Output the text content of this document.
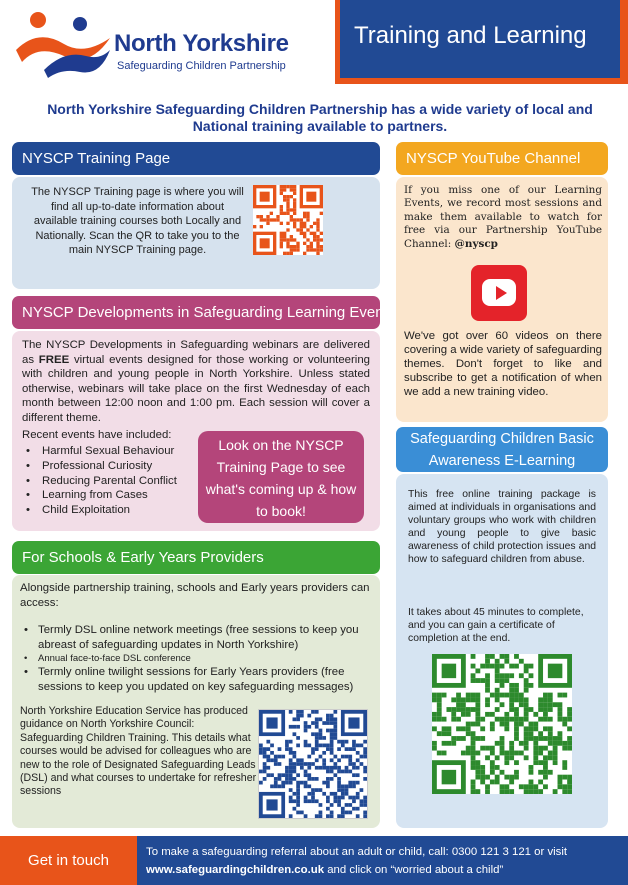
North Yorkshire
Safeguarding Children Partnership
Training and Learning
North Yorkshire Safeguarding Children Partnership has a wide variety of local and National training available to partners.
NYSCP Training Page
The NYSCP Training page is where you will find all up-to-date information about available training courses both Locally and Nationally. Scan the QR to take you to the main NYSCP Training page.
NYSCP Developments in Safeguarding Learning Events
The NYSCP Developments in Safeguarding webinars are delivered as FREE virtual events designed for those working or volunteering with children and young people in North Yorkshire. Unless stated otherwise, webinars will take place on the first Wednesday of each month between 12:00 noon and 1:00 pm. Each session will cover a different theme.
Recent events have included:
• Harmful Sexual Behaviour
• Professional Curiosity
• Reducing Parental Conflict
• Learning from Cases
• Child Exploitation
Look on the NYSCP Training Page to see what's coming up & how to book!
For Schools & Early Years Providers
Alongside partnership training, schools and Early years providers can access:
• Termly DSL online network meetings (free sessions to keep you abreast of safeguarding updates in North Yorkshire)
• Annual face-to-face DSL conference
• Termly online twilight sessions for Early Years providers (free sessions to keep you updated on key safeguarding messages)
North Yorkshire Education Service has produced guidance on North Yorkshire Council: Safeguarding Children Training. This details what courses would be advised for colleagues who are new to the role of Designated Safeguarding Leads (DSL) and what courses to undertake for refresher sessions
NYSCP YouTube Channel
If you miss one of our Learning Events, we record most sessions and make them available to watch for free via our Partnership YouTube Channel: @nyscp
We've got over 60 videos on there covering a wide variety of safeguarding themes. Don't forget to like and subscribe to get a notification of when we add a new training video.
Safeguarding Children Basic Awareness E-Learning
This free online training package is aimed at individuals in organisations and voluntary groups who work with children and young people to give basic awareness of child protection issues and how to safeguard children from abuse.
It takes about 45 minutes to complete, and you can gain a certificate of completion at the end.
Get in touch	To make a safeguarding referral about an adult or child, call: 0300 121 3 121 or visit
www.safeguardingchildren.co.uk and click on “worried about a child”
